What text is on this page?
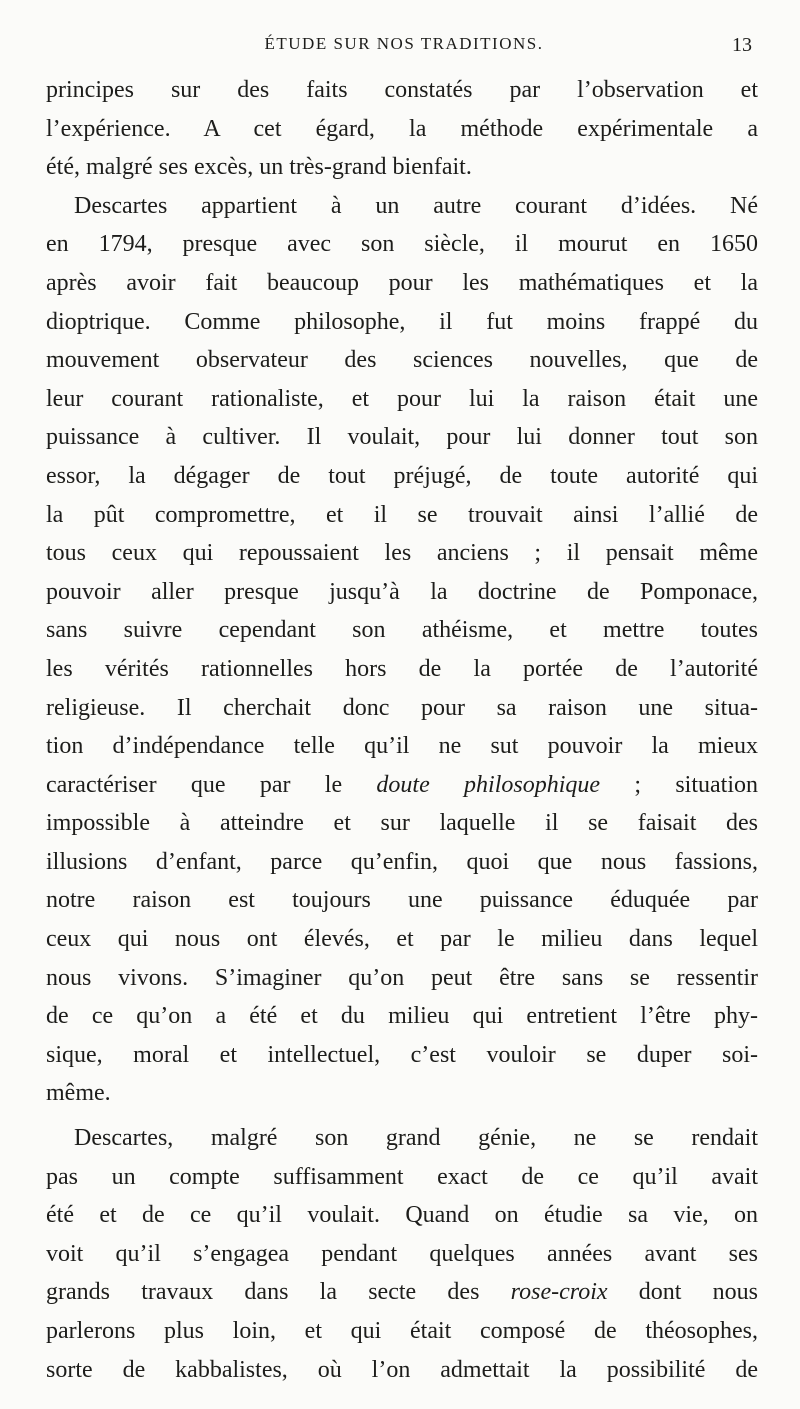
ÉTUDE SUR NOS TRADITIONS.	13
principes sur des faits constatés par l’observation et
l’expérience. A cet égard, la méthode expérimentale a
été, malgré ses excès, un très-grand bienfait.
Descartes appartient à un autre courant d’idées. Né
en 1794, presque avec son siècle, il mourut en 1650
après avoir fait beaucoup pour les mathématiques et la
dioptrique. Comme philosophe, il fut moins frappé du
mouvement observateur des sciences nouvelles, que de
leur courant rationaliste, et pour lui la raison était une
puissance à cultiver. Il voulait, pour lui donner tout son
essor, la dégager de tout préjugé, de toute autorité qui
la pût compromettre, et il se trouvait ainsi l’allié de
tous ceux qui repoussaient les anciens ; il pensait même
pouvoir aller presque jusqu’à la doctrine de Pomponace,
sans suivre cependant son athéisme, et mettre toutes
les vérités rationnelles hors de la portée de l’autorité
religieuse. Il cherchait donc pour sa raison une situa-
tion d’indépendance telle qu’il ne sut pouvoir la mieux
caractériser que par le doute philosophique ; situation
impossible à atteindre et sur laquelle il se faisait des
illusions d’enfant, parce qu’enfin, quoi que nous fassions,
notre raison est toujours une puissance éduquée par
ceux qui nous ont élevés, et par le milieu dans lequel
nous vivons. S’imaginer qu’on peut être sans se ressentir
de ce qu’on a été et du milieu qui entretient l’être phy-
sique, moral et intellectuel, c’est vouloir se duper soi-
même.
Descartes, malgré son grand génie, ne se rendait
pas un compte suffisamment exact de ce qu’il avait
été et de ce qu’il voulait. Quand on étudie sa vie, on
voit qu’il s’engagea pendant quelques années avant ses
grands travaux dans la secte des rose-croix dont nous
parlerons plus loin, et qui était composé de théosophes,
sorte de kabbalistes, où l’on admettait la possibilité de
